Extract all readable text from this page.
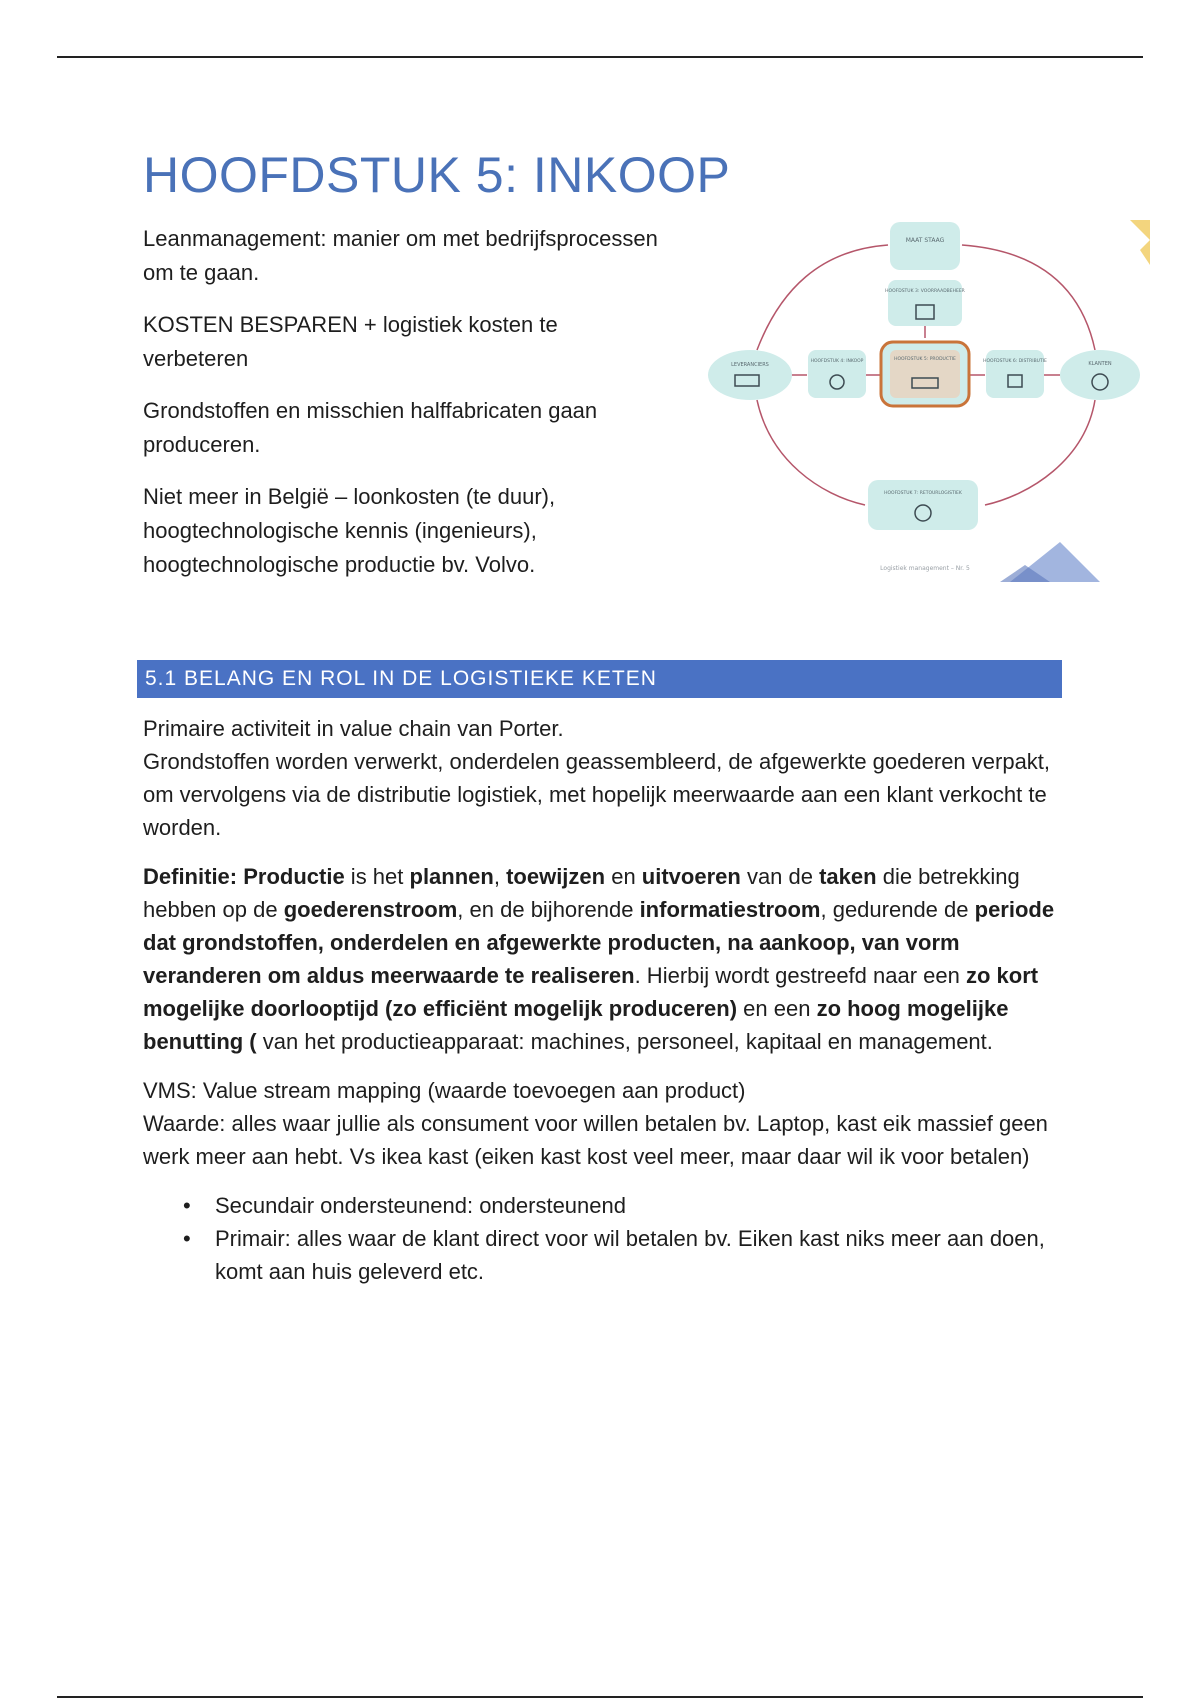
HOOFDSTUK 5: INKOOP

Leanmanagement: manier om met bedrijfsprocessen om te gaan.

KOSTEN BESPAREN + logistiek kosten te verbeteren

Grondstoffen en misschien halffabricaten gaan produceren.

Niet meer in België – loonkosten (te duur), hoogtechnologische kennis (ingenieurs), hoogtechnologische productie bv. Volvo.

MAAT STAAG
HOOFDSTUK 3: VOORRAADBEHEER
LEVERANCIERS
HOOFDSTUK 4: INKOOP	HOOFDSTUK 5: PRODUCTIE	HOOFDSTUK 6: DISTRIBUTIE	KLANTEN
HOOFDSTUK 7: RETOURLOGISTIEK
Logistiek management – Nr. 5
5.1 BELANG EN ROL IN DE LOGISTIEKE KETEN

Primaire activiteit in value chain van Porter.
Grondstoffen worden verwerkt, onderdelen geassembleerd, de afgewerkte goederen verpakt, om vervolgens via de distributie logistiek, met hopelijk meerwaarde aan een klant verkocht te worden.

Definitie: Productie is het plannen, toewijzen en uitvoeren van de taken die betrekking hebben op de goederenstroom, en de bijhorende informatiestroom, gedurende de periode dat grondstoffen, onderdelen en afgewerkte producten, na aankoop, van vorm veranderen om aldus meerwaarde te realiseren. Hierbij wordt gestreefd naar een zo kort mogelijke doorlooptijd (zo efficiënt mogelijk produceren) en een zo hoog mogelijke benutting ( van het productieapparaat: machines, personeel, kapitaal en management.

VMS: Value stream mapping (waarde toevoegen aan product)
Waarde: alles waar jullie als consument voor willen betalen bv. Laptop, kast eik massief geen werk meer aan hebt. Vs ikea kast (eiken kast kost veel meer, maar daar wil ik voor betalen)

• Secundair ondersteunend: ondersteunend
• Primair: alles waar de klant direct voor wil betalen bv. Eiken kast niks meer aan doen, komt aan huis geleverd etc.
